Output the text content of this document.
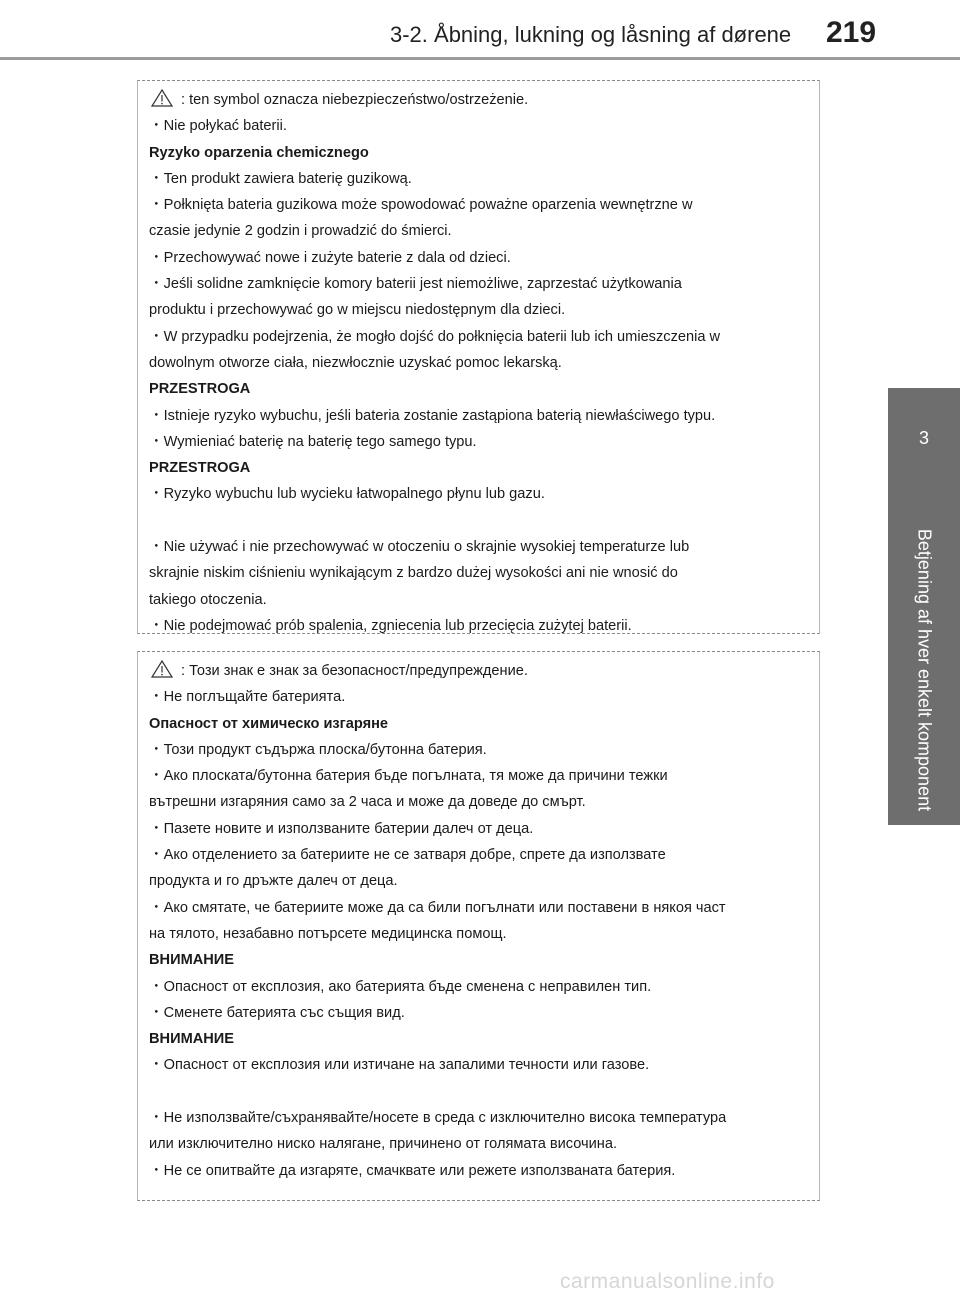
3-2. Åbning, lukning og låsning af dørene 219
3
Betjening af hver enkelt komponent
: ten symbol oznacza niebezpieczeństwo/ostrzeżenie.
・Nie połykać baterii.
Ryzyko oparzenia chemicznego
・Ten produkt zawiera baterię guzikową.
・Połknięta bateria guzikowa może spowodować poważne oparzenia wewnętrzne w
czasie jedynie 2 godzin i prowadzić do śmierci.
・Przechowywać nowe i zużyte baterie z dala od dzieci.
・Jeśli solidne zamknięcie komory baterii jest niemożliwe, zaprzestać użytkowania
produktu i przechowywać go w miejscu niedostępnym dla dzieci.
・W przypadku podejrzenia, że mogło dojść do połknięcia baterii lub ich umieszczenia w
dowolnym otworze ciała, niezwłocznie uzyskać pomoc lekarską.
PRZESTROGA
・Istnieje ryzyko wybuchu, jeśli bateria zostanie zastąpiona baterią niewłaściwego typu.
・Wymieniać baterię na baterię tego samego typu.
PRZESTROGA
・Ryzyko wybuchu lub wycieku łatwopalnego płynu lub gazu.
・Nie używać i nie przechowywać w otoczeniu o skrajnie wysokiej temperaturze lub
skrajnie niskim ciśnieniu wynikającym z bardzo dużej wysokości ani nie wnosić do
takiego otoczenia.
・Nie podejmować prób spalenia, zgniecenia lub przecięcia zużytej baterii.
: Този знак е знак за безопасност/предупреждение.
・Не поглъщайте батерията.
Опасност от химическо изгаряне
・Този продукт съдържа плоска/бутонна батерия.
・Ако плоската/бутонна батерия бъде погълната, тя може да причини тежки
вътрешни изгаряния само за 2 часа и може да доведе до смърт.
・Пазете новите и използваните батерии далеч от деца.
・Ако отделението за батериите не се затваря добре, спрете да използвате
продукта и го дръжте далеч от деца.
・Ако смятате, че батериите може да са били погълнати или поставени в някоя част
на тялото, незабавно потърсете медицинска помощ.
ВНИМАНИЕ
・Опасност от експлозия, ако батерията бъде сменена с неправилен тип.
・Сменете батерията със същия вид.
ВНИМАНИЕ
・Опасност от експлозия или изтичане на запалими течности или газове.
・Не използвайте/съхранявайте/носете в среда с изключително висока температура
или изключително ниско налягане, причинено от голямата височина.
・Не се опитвайте да изгаряте, смачквате или режете използваната батерия.
carmanualsonline.info
